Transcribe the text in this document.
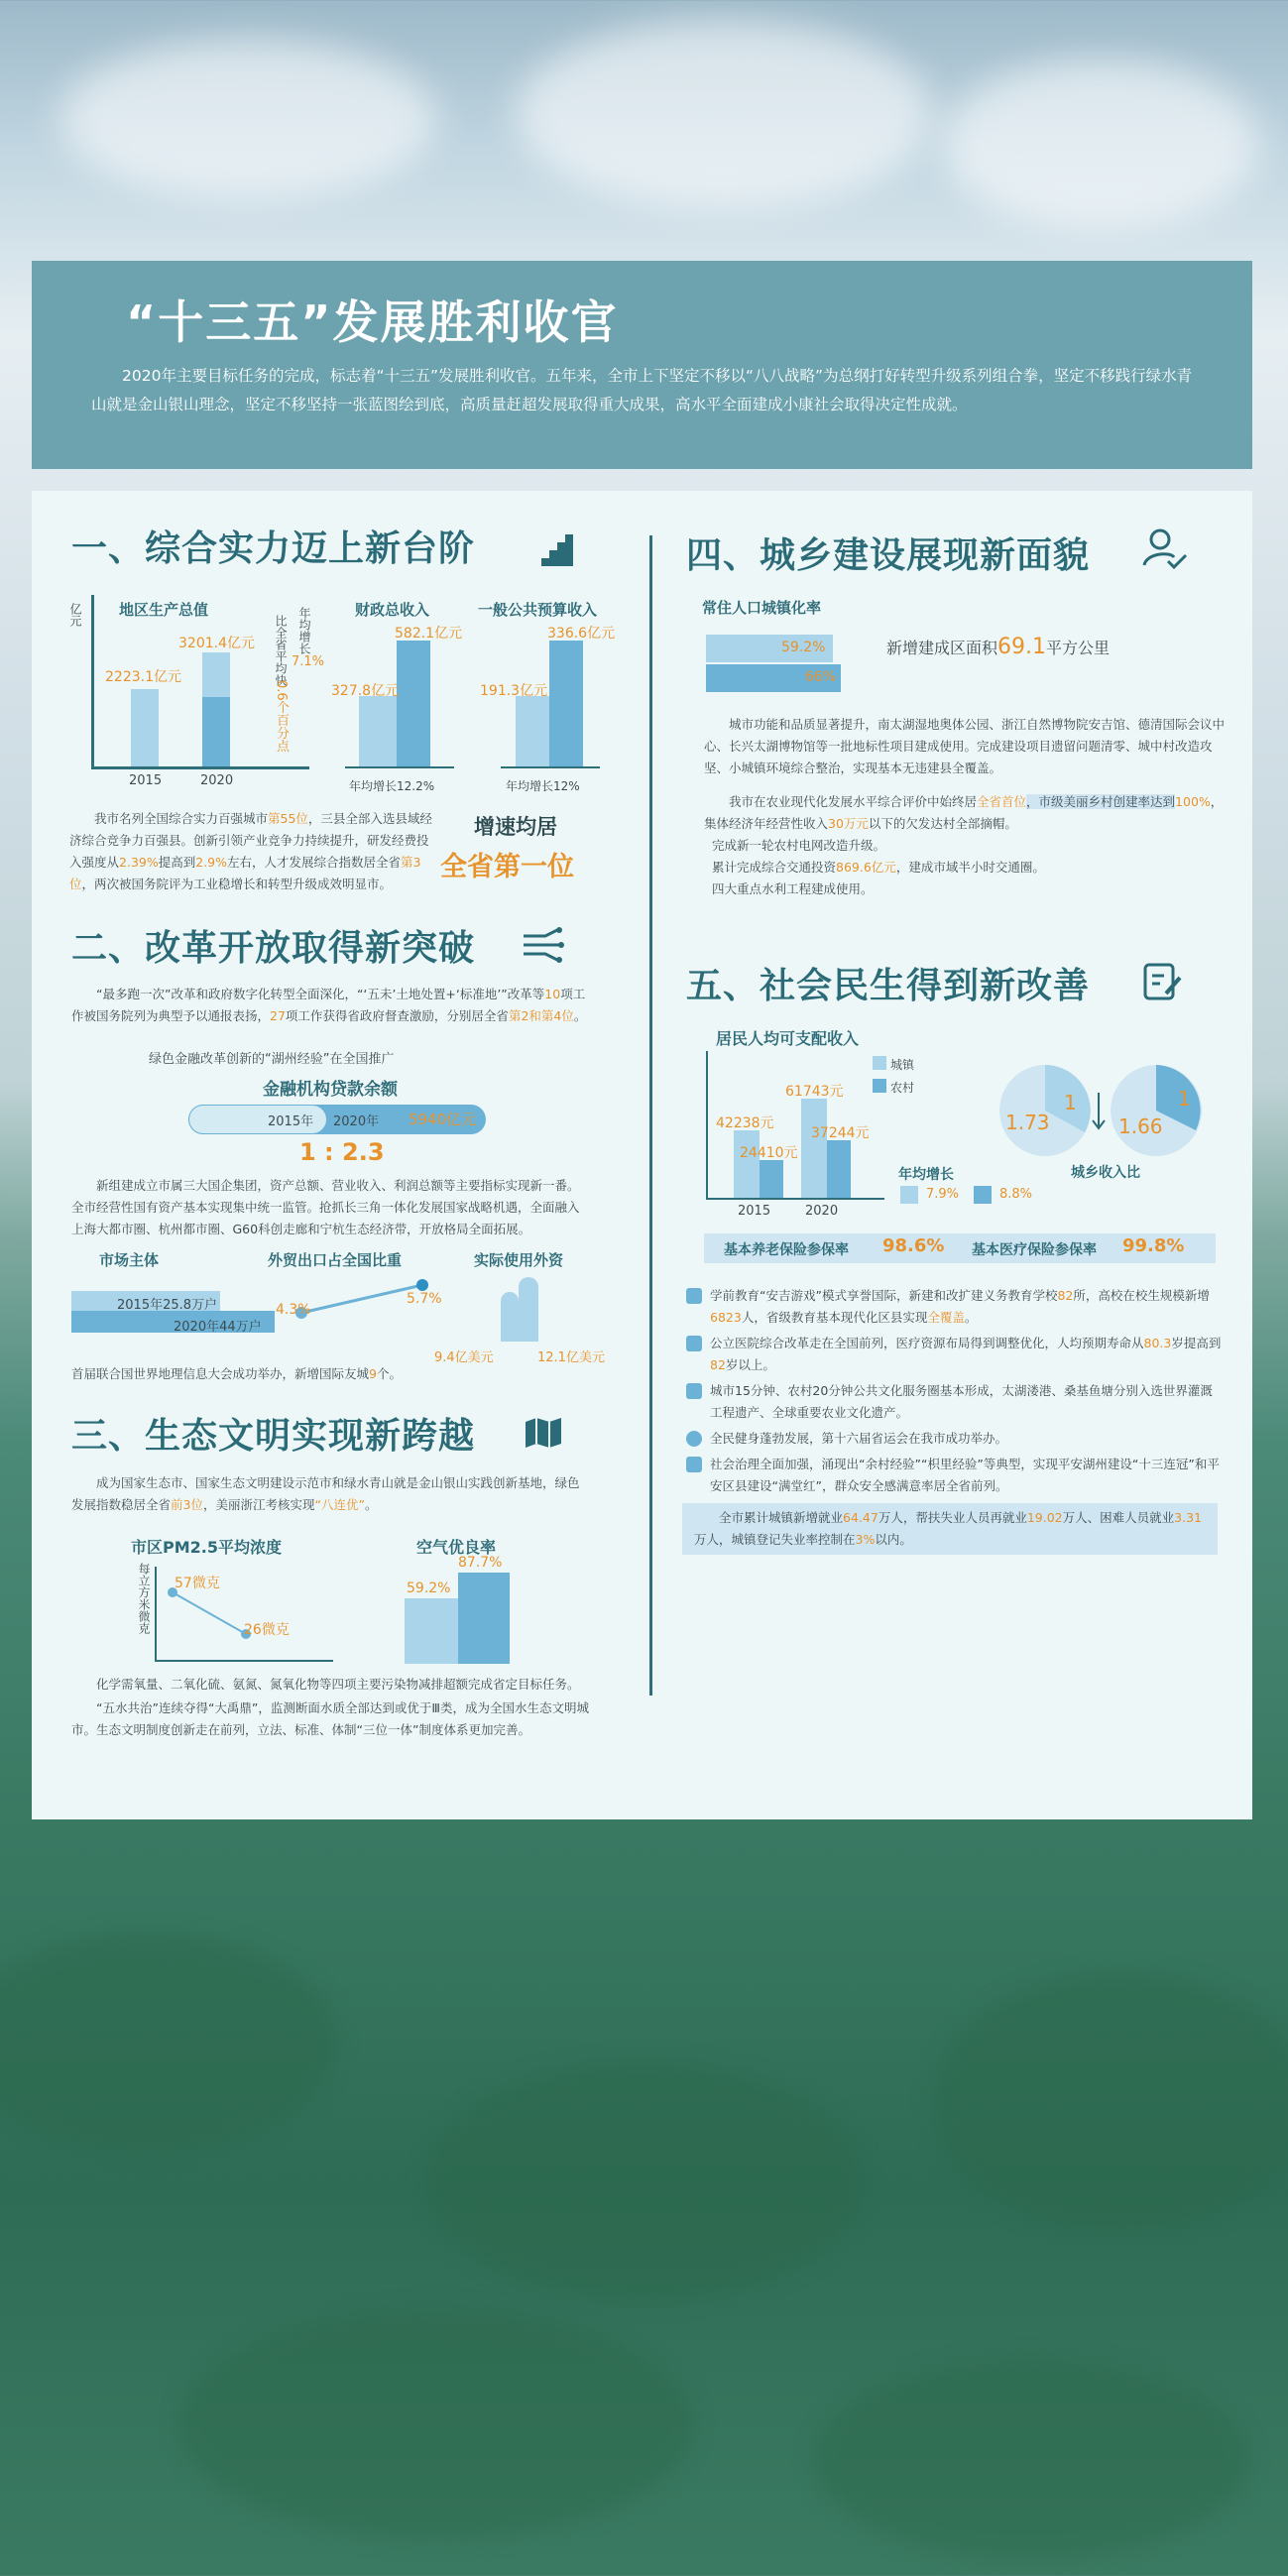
“十三五”发展胜利收官

2020年主要目标任务的完成，标志着“十三五”发展胜利收官。五年来，全市上下坚定不移以“八八战略”为总纲打好转型升级系列组合拳，坚定不移践行绿水青山就是金山银山理念，坚定不移坚持一张蓝图绘到底，高质量赶超发展取得重大成果，高水平全面建成小康社会取得决定性成就。

一、综合实力迈上新台阶
亿元 地区生产总值
2223.1亿元
3201.4亿元
2015	2020
比全省平均快
0.6个百分点
年均增长
7.1%
财政总收入
327.8亿元
582.1亿元
年均增长12.2%
一般公共预算收入
191.3亿元
336.6亿元
年均增长12%
我市名列全国综合实力百强城市第55位，三县全部入选县域经济综合竞争力百强县。创新引领产业竞争力持续提升，研发经费投入强度从2.39%提高到2.9%左右，人才发展综合指数居全省第3位，两次被国务院评为工业稳增长和转型升级成效明显市。
增速均居
全省第一位
二、改革开放取得新突破
“最多跑一次”改革和政府数字化转型全面深化，“‘五未’土地处置+‘标准地’”改革等10项工作被国务院列为典型予以通报表扬，27项工作获得省政府督查激励，分别居全省第2和第4位。
绿色金融改革创新的“湖州经验”在全国推广
金融机构贷款余额
2015年 2020年 5940亿元
1 : 2.3
新组建成立市属三大国企集团，资产总额、营业收入、利润总额等主要指标实现新一番。全市经营性国有资产基本实现集中统一监管。抢抓长三角一体化发展国家战略机遇，全面融入上海大都市圈、杭州都市圈、G60科创走廊和宁杭生态经济带，开放格局全面拓展。
市场主体
2015年25.8万户
2020年44万户
外贸出口占全国比重
4.3%
5.7%
实际使用外资
9.4亿美元	12.1亿美元
首届联合国世界地理信息大会成功举办，新增国际友城9个。
三、生态文明实现新跨越
成为国家生态市、国家生态文明建设示范市和绿水青山就是金山银山实践创新基地，绿色发展指数稳居全省前3位，美丽浙江考核实现“八连优”。
市区PM2.5平均浓度
每立方米微克 57微克
26微克
空气优良率
59.2%
87.7%
化学需氧量、二氧化硫、氨氮、氮氧化物等四项主要污染物减排超额完成省定目标任务。
“五水共治”连续夺得“大禹鼎”，监测断面水质全部达到或优于Ⅲ类，成为全国水生态文明城市。生态文明制度创新走在前列，立法、标准、体制“三位一体”制度体系更加完善。
四、城乡建设展现新面貌
常住人口城镇化率
59.2%
66%
新增建成区面积69.1平方公里
城市功能和品质显著提升，南太湖湿地奥体公园、浙江自然博物院安吉馆、德清国际会议中心、长兴太湖博物馆等一批地标性项目建成使用。完成建设项目遗留问题清零、城中村改造攻坚、小城镇环境综合整治，实现基本无违建县全覆盖。
我市在农业现代化发展水平综合评价中始终居全省首位，市级美丽乡村创建率达到100%，集体经济年经营性收入30万元以下的欠发达村全部摘帽。
完成新一轮农村电网改造升级。
累计完成综合交通投资869.6亿元，建成市域半小时交通圈。
四大重点水利工程建成使用。
五、社会民生得到新改善
居民人均可支配收入
城镇
农村
42238元
24410元
61743元
37244元
2015	2020
年均增长
7.9%	8.8%
1.73
1
1.66
1
城乡收入比
基本养老保险参保率 98.6% 基本医疗保险参保率 99.8%
学前教育“安吉游戏”模式享誉国际，新建和改扩建义务教育学校82所，高校在校生规模新增6823人，省级教育基本现代化区县实现全覆盖。
公立医院综合改革走在全国前列，医疗资源布局得到调整优化，人均预期寿命从80.3岁提高到82岁以上。
城市15分钟、农村20分钟公共文化服务圈基本形成，太湖溇港、桑基鱼塘分别入选世界灌溉工程遗产、全球重要农业文化遗产。
全民健身蓬勃发展，第十六届省运会在我市成功举办。
社会治理全面加强，涌现出“余村经验”“枳里经验”等典型，实现平安湖州建设“十三连冠”和平安区县建设“满堂红”，群众安全感满意率居全省前列。
全市累计城镇新增就业64.47万人，帮扶失业人员再就业19.02万人、困难人员就业3.31万人，城镇登记失业率控制在3%以内。
